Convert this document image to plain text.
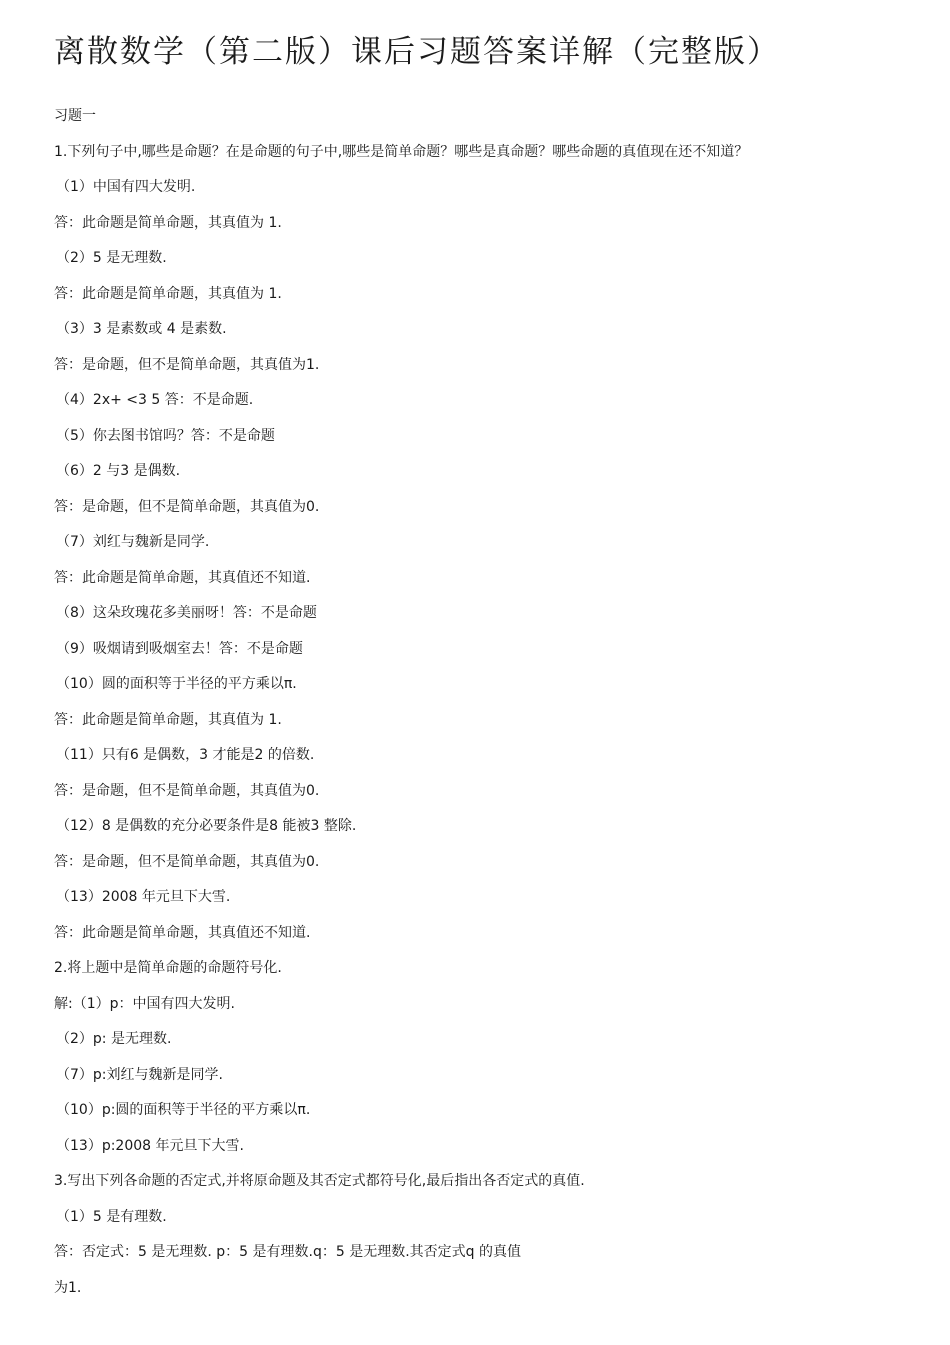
离散数学（第二版）课后习题答案详解（完整版）
习题一
1.下列句子中,哪些是命题？在是命题的句子中,哪些是简单命题？哪些是真命题？哪些命题的真值现在还不知道？
（1）中国有四大发明.
答：此命题是简单命题，其真值为 1.
（2）5 是无理数.
答：此命题是简单命题，其真值为 1.
（3）3 是素数或 4 是素数.
答：是命题，但不是简单命题，其真值为1.
（4）2x+ <3 5 答：不是命题.
（5）你去图书馆吗？答：不是命题
（6）2 与3 是偶数.
答：是命题，但不是简单命题，其真值为0.
（7）刘红与魏新是同学.
答：此命题是简单命题，其真值还不知道.
（8）这朵玫瑰花多美丽呀！答：不是命题
（9）吸烟请到吸烟室去！答：不是命题
（10）圆的面积等于半径的平方乘以π.
答：此命题是简单命题，其真值为 1.
（11）只有6 是偶数，3 才能是2 的倍数.
答：是命题，但不是简单命题，其真值为0.
（12）8 是偶数的充分必要条件是8 能被3 整除.
答：是命题，但不是简单命题，其真值为0.
（13）2008 年元旦下大雪.
答：此命题是简单命题，其真值还不知道.
2.将上题中是简单命题的命题符号化.
解:（1）p：中国有四大发明.
（2）p: 是无理数.
（7）p:刘红与魏新是同学.
（10）p:圆的面积等于半径的平方乘以π.
（13）p:2008 年元旦下大雪.
3.写出下列各命题的否定式,并将原命题及其否定式都符号化,最后指出各否定式的真值.
（1）5 是有理数.
答：否定式：5 是无理数. p：5 是有理数.q：5 是无理数.其否定式q 的真值
为1.
